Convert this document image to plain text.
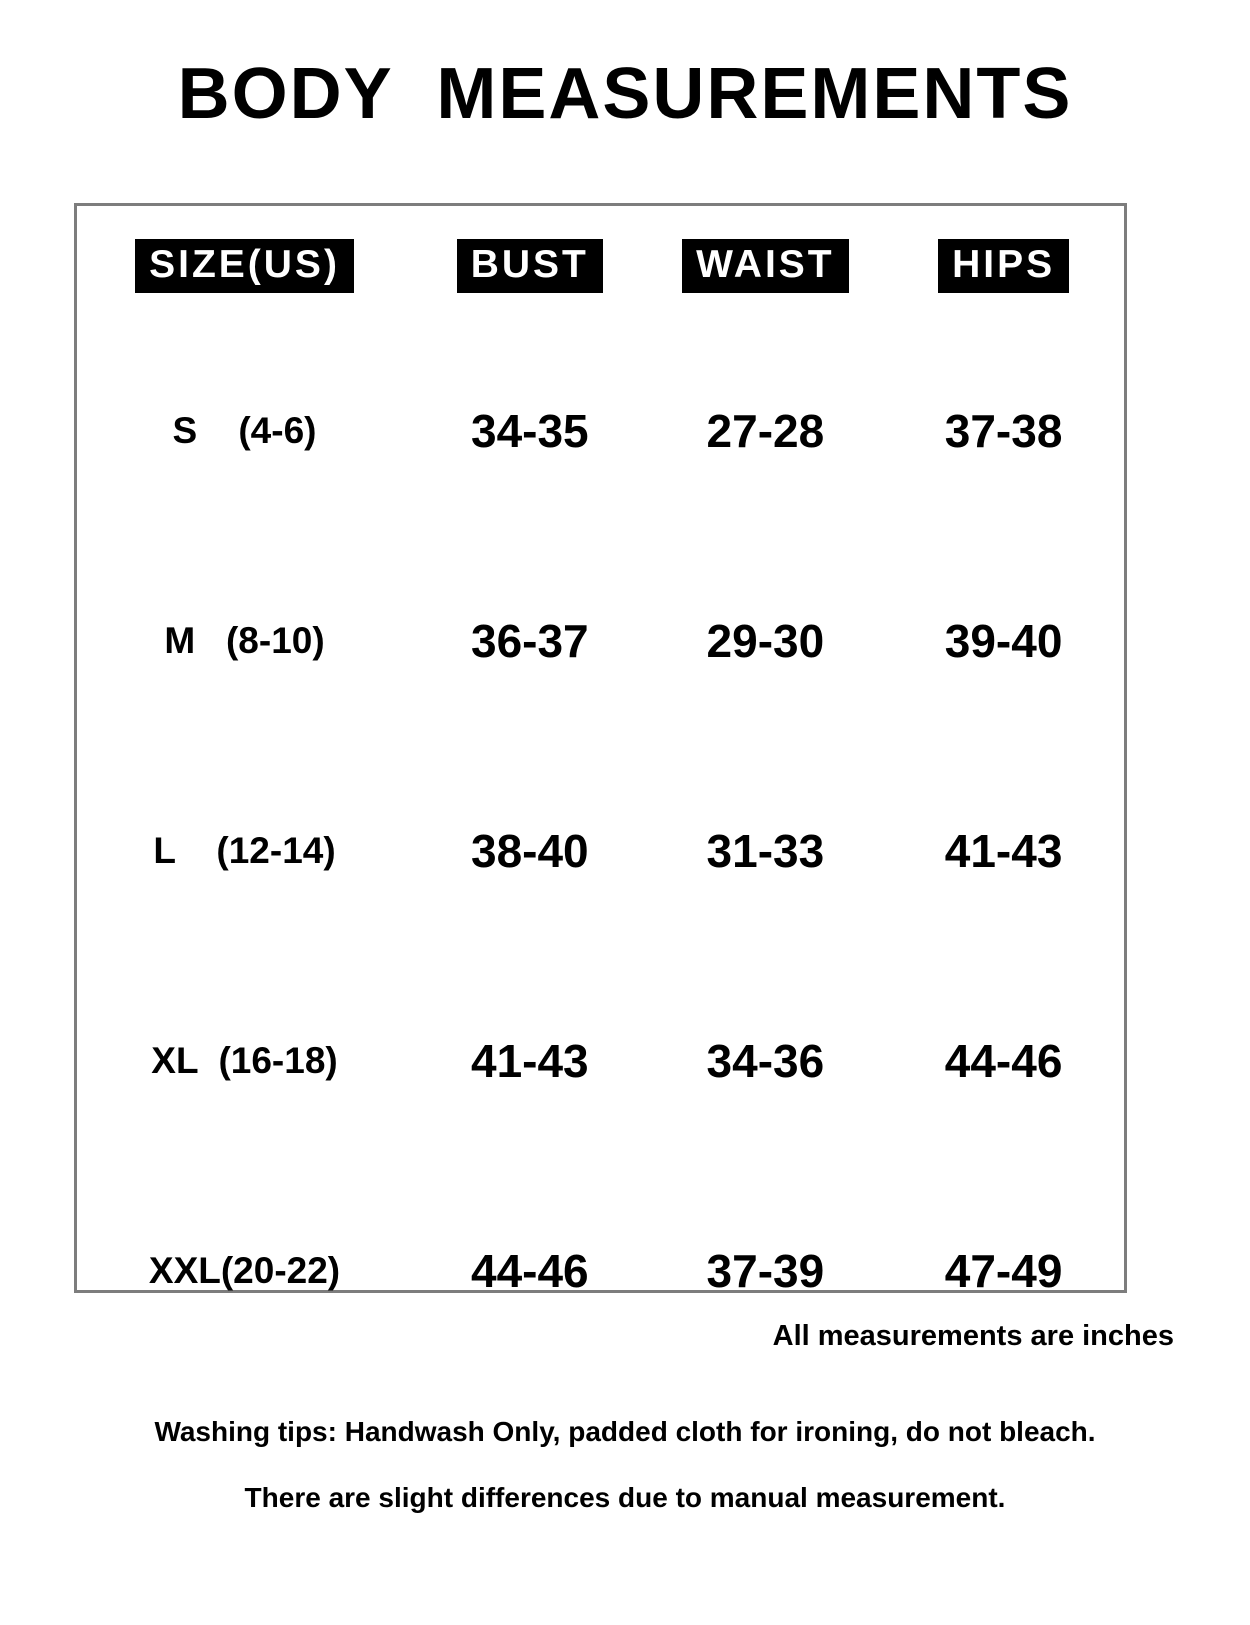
BODY  MEASUREMENTS
SIZE(US)	BUST	WAIST	HIPS
S    (4-6)	34-35	27-28	37-38
M   (8-10)	36-37	29-30	39-40
L    (12-14)	38-40	31-33	41-43
XL  (16-18)	41-43	34-36	44-46
XXL(20-22)	44-46	37-39	47-49
All measurements are inches
Washing tips: Handwash Only, padded cloth for ironing, do not bleach.
There are slight differences due to manual measurement.
